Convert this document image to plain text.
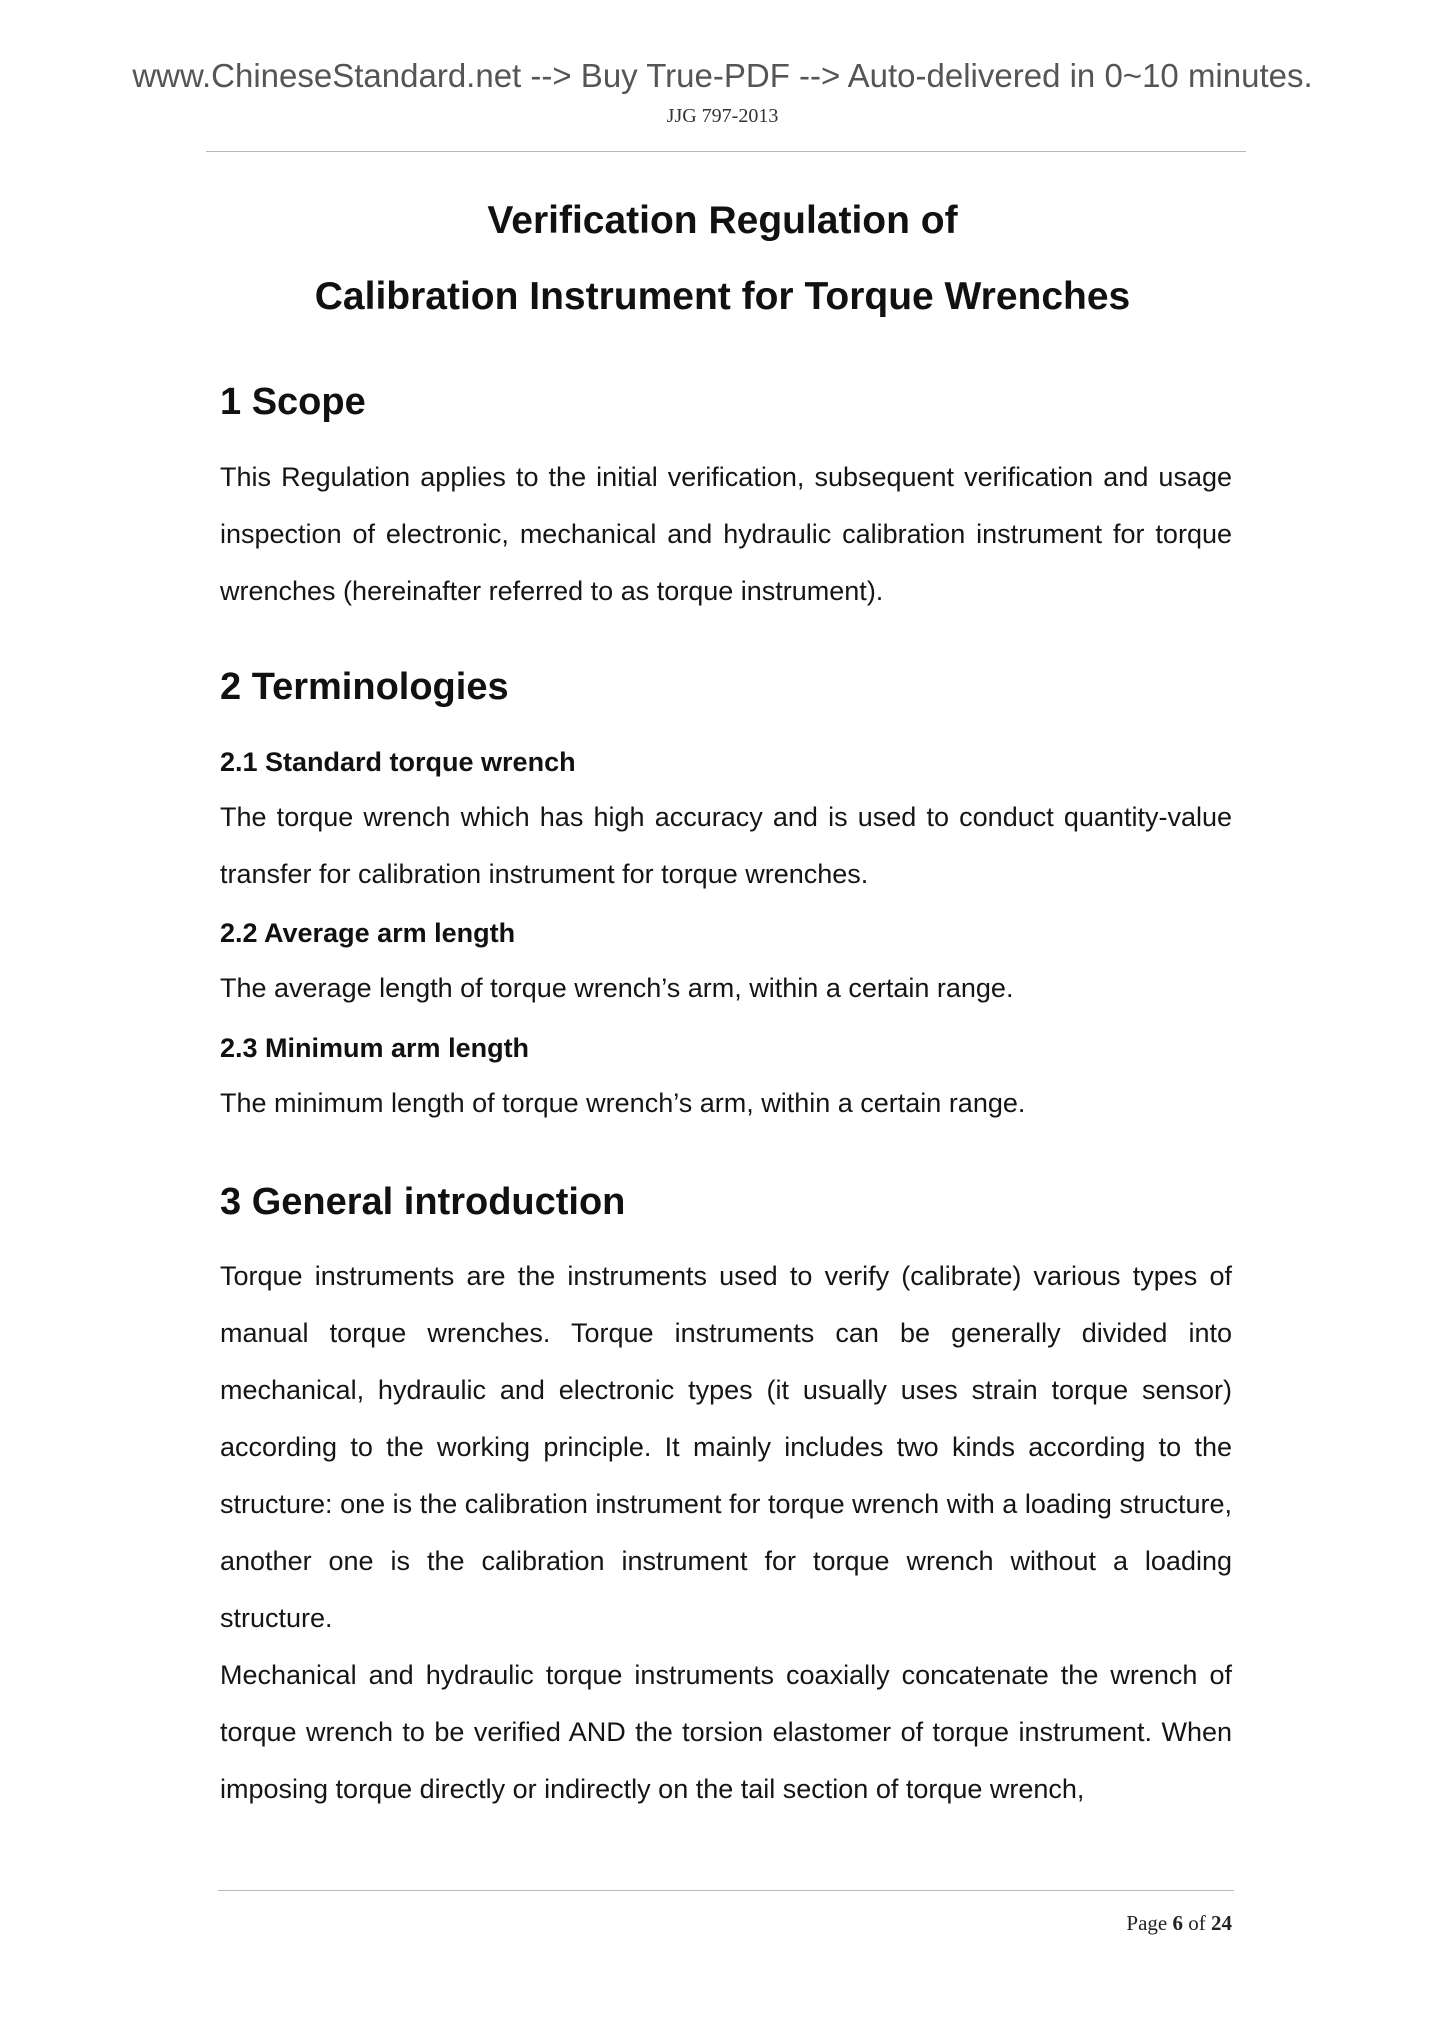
www.ChineseStandard.net --> Buy True-PDF --> Auto-delivered in 0~10 minutes.
JJG 797-2013
Verification Regulation of
Calibration Instrument for Torque Wrenches
1 Scope
This Regulation applies to the initial verification, subsequent verification and usage inspection of electronic, mechanical and hydraulic calibration instrument for torque wrenches (hereinafter referred to as torque instrument).
2 Terminologies
2.1 Standard torque wrench
The torque wrench which has high accuracy and is used to conduct quantity-value transfer for calibration instrument for torque wrenches.
2.2 Average arm length
The average length of torque wrench’s arm, within a certain range.
2.3 Minimum arm length
The minimum length of torque wrench’s arm, within a certain range.
3 General introduction
Torque instruments are the instruments used to verify (calibrate) various types of manual torque wrenches. Torque instruments can be generally divided into mechanical, hydraulic and electronic types (it usually uses strain torque sensor) according to the working principle. It mainly includes two kinds according to the structure: one is the calibration instrument for torque wrench with a loading structure, another one is the calibration instrument for torque wrench without a loading structure.
Mechanical and hydraulic torque instruments coaxially concatenate the wrench of torque wrench to be verified AND the torsion elastomer of torque instrument. When imposing torque directly or indirectly on the tail section of torque wrench,
Page 6 of 24
